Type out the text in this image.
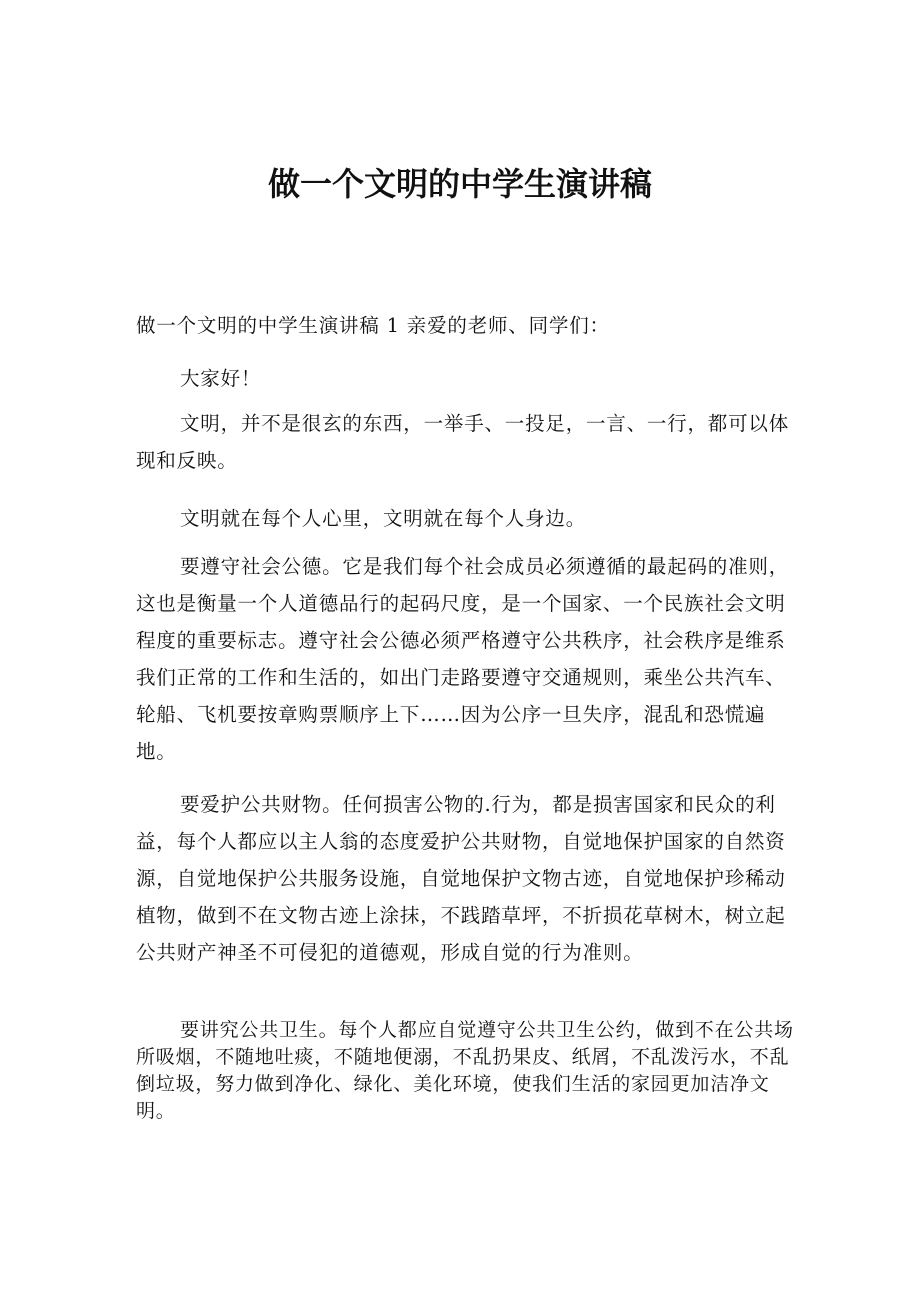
做一个文明的中学生演讲稿

做一个文明的中学生演讲稿 1 亲爱的老师、同学们：

大家好！

文明，并不是很玄的东西，一举手、一投足，一言、一行，都可以体现和反映。

文明就在每个人心里，文明就在每个人身边。

要遵守社会公德。它是我们每个社会成员必须遵循的最起码的准则，这也是衡量一个人道德品行的起码尺度，是一个国家、一个民族社会文明程度的重要标志。遵守社会公德必须严格遵守公共秩序，社会秩序是维系我们正常的工作和生活的，如出门走路要遵守交通规则，乘坐公共汽车、轮船、飞机要按章购票顺序上下……因为公序一旦失序，混乱和恐慌遍地。

要爱护公共财物。任何损害公物的.行为，都是损害国家和民众的利益，每个人都应以主人翁的态度爱护公共财物，自觉地保护国家的自然资源，自觉地保护公共服务设施，自觉地保护文物古迹，自觉地保护珍稀动植物，做到不在文物古迹上涂抹，不践踏草坪，不折损花草树木，树立起公共财产神圣不可侵犯的道德观，形成自觉的行为准则。

要讲究公共卫生。每个人都应自觉遵守公共卫生公约，做到不在公共场所吸烟，不随地吐痰，不随地便溺，不乱扔果皮、纸屑，不乱泼污水，不乱倒垃圾，努力做到净化、绿化、美化环境，使我们生活的家园更加洁净文明。
